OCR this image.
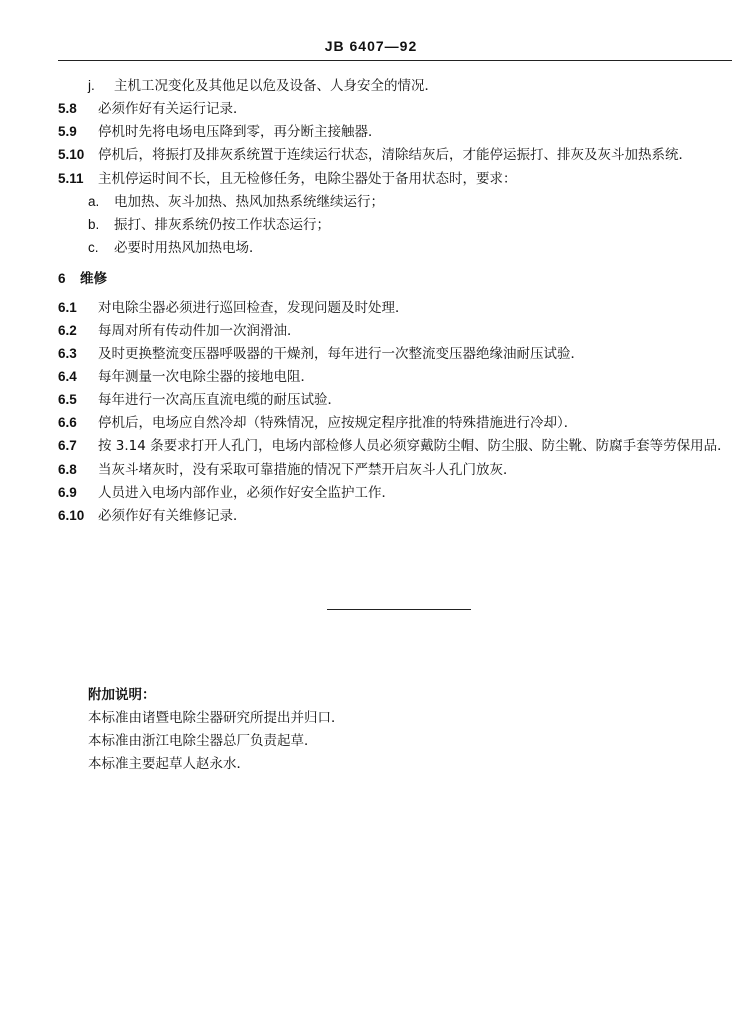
JB 6407—92
j. 主机工况变化及其他足以危及设备、人身安全的情况．
5.8 必须作好有关运行记录．
5.9 停机时先将电场电压降到零，再分断主接触器．
5.10 停机后，将振打及排灰系统置于连续运行状态，清除结灰后，才能停运振打、排灰及灰斗加热系统．
5.11 主机停运时间不长，且无检修任务，电除尘器处于备用状态时，要求：
a. 电加热、灰斗加热、热风加热系统继续运行；
b. 振打、排灰系统仍按工作状态运行；
c. 必要时用热风加热电场．
6 维修
6.1 对电除尘器必须进行巡回检查，发现问题及时处理．
6.2 每周对所有传动件加一次润滑油．
6.3 及时更换整流变压器呼吸器的干燥剂，每年进行一次整流变压器绝缘油耐压试验．
6.4 每年测量一次电除尘器的接地电阻．
6.5 每年进行一次高压直流电缆的耐压试验．
6.6 停机后，电场应自然冷却（特殊情况，应按规定程序批准的特殊措施进行冷却）．
6.7 按 3.14 条要求打开人孔门，电场内部检修人员必须穿戴防尘帽、防尘服、防尘靴、防腐手套等劳保用品．
6.8 当灰斗堵灰时，没有采取可靠措施的情况下严禁开启灰斗人孔门放灰．
6.9 人员进入电场内部作业，必须作好安全监护工作．
6.10 必须作好有关维修记录．
附加说明：
本标准由诸暨电除尘器研究所提出并归口．
本标准由浙江电除尘器总厂负责起草．
本标准主要起草人赵永水．
